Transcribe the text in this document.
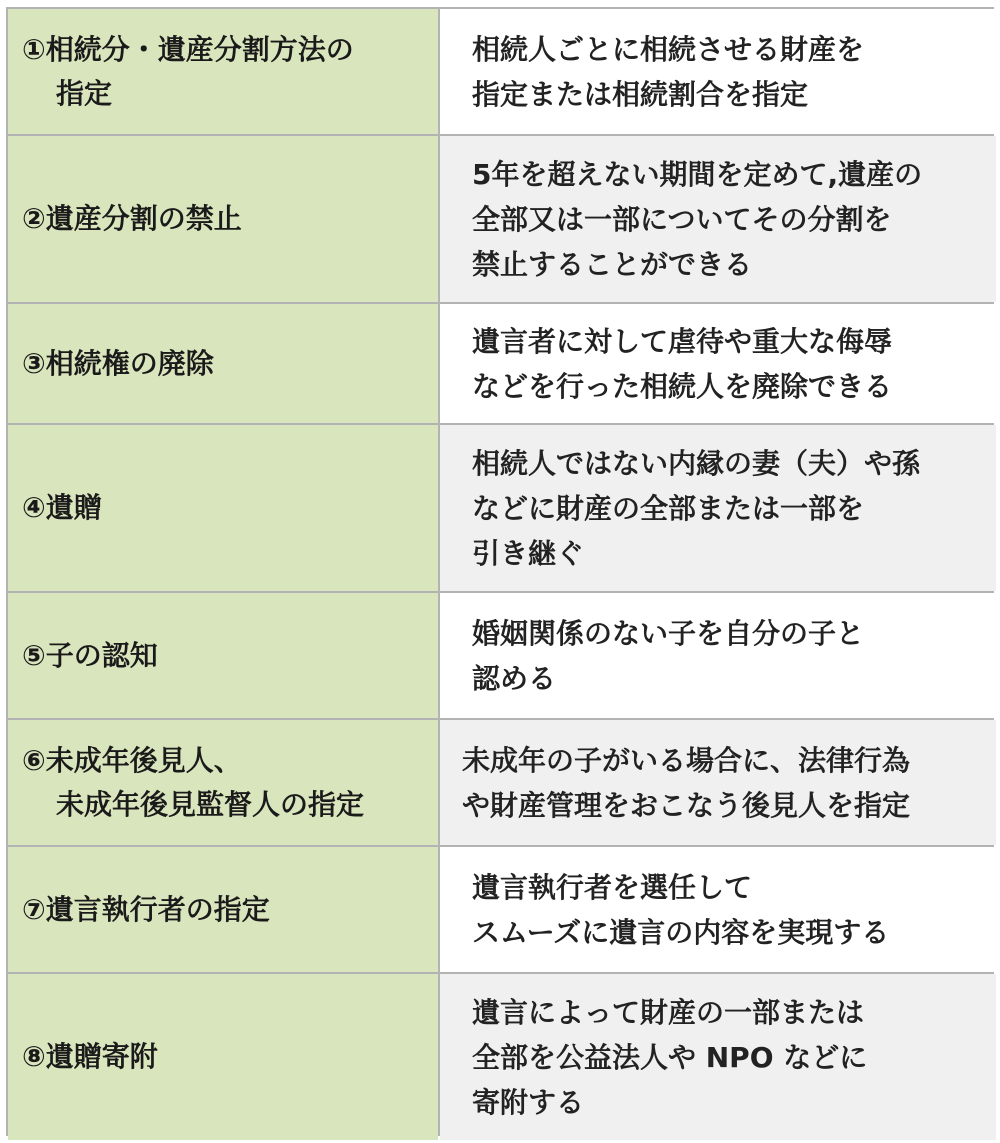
①相続分・遺産分割方法の
指定
相続人ごとに相続させる財産を
指定または相続割合を指定
②遺産分割の禁止
5年を超えない期間を定めて,遺産の
全部又は一部についてその分割を
禁止することができる
③相続権の廃除
遺言者に対して虐待や重大な侮辱
などを行った相続人を廃除できる
④遺贈
相続人ではない内縁の妻（夫）や孫
などに財産の全部または一部を
引き継ぐ
⑤子の認知
婚姻関係のない子を自分の子と
認める
⑥未成年後見人、
未成年後見監督人の指定
未成年の子がいる場合に、法律行為
や財産管理をおこなう後見人を指定
⑦遺言執行者の指定
遺言執行者を選任して
スムーズに遺言の内容を実現する
⑧遺贈寄附
遺言によって財産の一部または
全部を公益法人や NPO などに
寄附する
